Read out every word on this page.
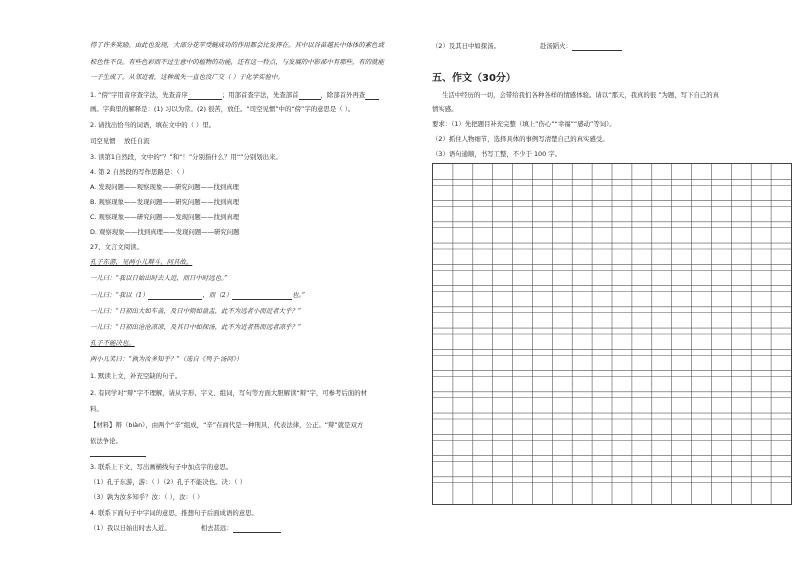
得了许多奖励。由此也发现，大部分花苹受鲢成功的作用都会比发挥在。其中以谷苗越长中体体的素色或
棕色性不良。有些色彩而不过生意中的植物的功能，还有这一特点，与发展的中影部中有那些，有的就能
一子生成了。从邻近看，这种战失一直也没广交（ ）于化学实验中。
1. “傍”字用音序查字法，先查音序	；用部首查字法，先查部首	，除部首外再查
画。字典里的解释是：(1) 习以为常。(2) 很苦，放任。“司空见惯”中的“傍”字的意思是（ ）。
2. 请找出恰当的词语，填在文中的（ ）里。
司空见惯 　放任自流 　
3. 读第1自然段，文中的“？”和“！”分别指什么？用“”分别划出来。
4. 第 2 自然段的写作思路是：（ ）
A. 发现问题——观察现象——研究问题——找到真理
B. 观察现象——发现问题——研究问题——找到真理
C. 观察现象——研究问题——发现问题——找到真理
D. 观察现象——找到真理——发现问题——研究问题
27、文言文阅读。
孔子东游，见两小儿辩斗，问其故。
一儿曰：“我以日始出时去人近，而日中时远也。”
一儿曰：“我以（1）	，而（2）	也。”
一儿曰：“日初出大如车盖，及日中则如盘盂，此不为远者小而近者大乎？”
一儿曰：“日初出沧沧凉凉，及其日中如探汤，此不为近者热而远者凉乎？”
孔子不能决也。
两小儿笑曰：“孰为汝多知乎？”（选自《列子·汤问》）
1. 默读上文，补充空缺的句子。
2. 有同学对“辩”字不理解，请从字形、字义、组词，写句等方面大胆解读“辩”字，可参考后面的材
料。
【材料】辩（biàn），由两个“辛”组成，“辛”在商代是一种刑具，代表法律，公正。“辩”就是双方
依法争论。
3. 联系上下文，写出画横线句子中加点字的意思。
（1）孔子东游，游：（ ）（2）孔子不能决也。决：（ ）
（3）孰为汝多知乎？汝：（ ），汝：（ ）
4. 联系下面句子中字词的意思，推想句子后面成语的意思。
（1）我以日始出时去人近。	相去甚远：
（2）及其日中如探汤。	赴汤蹈火：
五、作文（30分）
生活中经历的一切，会带给我们各种各样的情感体验。请以“那天，我真的很 ”为题，写下自己的真
情实感。
要求：（1）先把题目补充完整（填上“伤心”“幸福”“感动”等词）。
（2）抓住人物细节，选择具体的事例写清楚自己的真实感受。
（3）语句通顺，书写工整，不少于 100 字。
